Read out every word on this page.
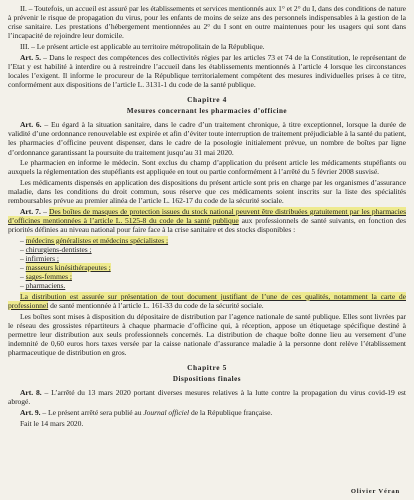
II. – Toutefois, un accueil est assuré par les établissements et services mentionnés aux 1° et 2° du I, dans des conditions de nature à prévenir le risque de propagation du virus, pour les enfants de moins de seize ans des personnels indispensables à la gestion de la crise sanitaire. Les prestations d’hébergement mentionnées au 2° du I sont en outre maintenues pour les usagers qui sont dans l’incapacité de rejoindre leur domicile.

III. – Le présent article est applicable au territoire métropolitain de la République.

Art. 5. – Dans le respect des compétences des collectivités régies par les articles 73 et 74 de la Constitution, le représentant de l’Etat y est habilité à interdire ou à restreindre l’accueil dans les établissements mentionnés à l’article 4 lorsque les circonstances locales l’exigent. Il informe le procureur de la République territorialement compétent des mesures individuelles prises à ce titre, conformément aux dispositions de l’article L. 3131-1 du code de la santé publique.

Chapitre 4
Mesures concernant les pharmacies d’officine

Art. 6. – Eu égard à la situation sanitaire, dans le cadre d’un traitement chronique, à titre exceptionnel, lorsque la durée de validité d’une ordonnance renouvelable est expirée et afin d’éviter toute interruption de traitement préjudiciable à la santé du patient, les pharmacies d’officine peuvent dispenser, dans le cadre de la posologie initialement prévue, un nombre de boîtes par ligne d’ordonnance garantissant la poursuite du traitement jusqu’au 31 mai 2020.

Le pharmacien en informe le médecin. Sont exclus du champ d’application du présent article les médicaments stupéfiants ou auxquels la réglementation des stupéfiants est appliquée en tout ou partie conformément à l’arrêté du 5 février 2008 susvisé.

Les médicaments dispensés en application des dispositions du présent article sont pris en charge par les organismes d’assurance maladie, dans les conditions du droit commun, sous réserve que ces médicaments soient inscrits sur la liste des spécialités remboursables prévue au premier alinéa de l’article L. 162-17 du code de la sécurité sociale.

Art. 7. – Des boîtes de masques de protection issues du stock national peuvent être distribuées gratuitement par les pharmacies d’officines mentionnées à l’article L. 5125-8 du code de la santé publique aux professionnels de santé suivants, en fonction des priorités définies au niveau national pour faire face à la crise sanitaire et des stocks disponibles :

– médecins généralistes et médecins spécialistes ;
– chirurgiens-dentistes ;
– infirmiers ;
– masseurs kinésithérapeutes ;
– sages-femmes ;
– pharmaciens.

La distribution est assurée sur présentation de tout document justifiant de l’une de ces qualités, notamment la carte de professionnel de santé mentionnée à l’article L. 161-33 du code de la sécurité sociale.

Les boîtes sont mises à disposition du dépositaire de distribution par l’agence nationale de santé publique. Elles sont livrées par le réseau des grossistes répartiteurs à chaque pharmacie d’officine qui, à réception, appose un étiquetage spécifique destiné à permettre leur distribution aux seuls professionnels concernés. La distribution de chaque boîte donne lieu au versement d’une indemnité de 0,60 euros hors taxes versée par la caisse nationale d’assurance maladie à la personne dont relève l’établissement pharmaceutique de distribution en gros.

Chapitre 5
Dispositions finales

Art. 8. – L’arrêté du 13 mars 2020 portant diverses mesures relatives à la lutte contre la propagation du virus covid-19 est abrogé.

Art. 9. – Le présent arrêté sera publié au Journal officiel de la République française.

Fait le 14 mars 2020.

Olivier Véran
